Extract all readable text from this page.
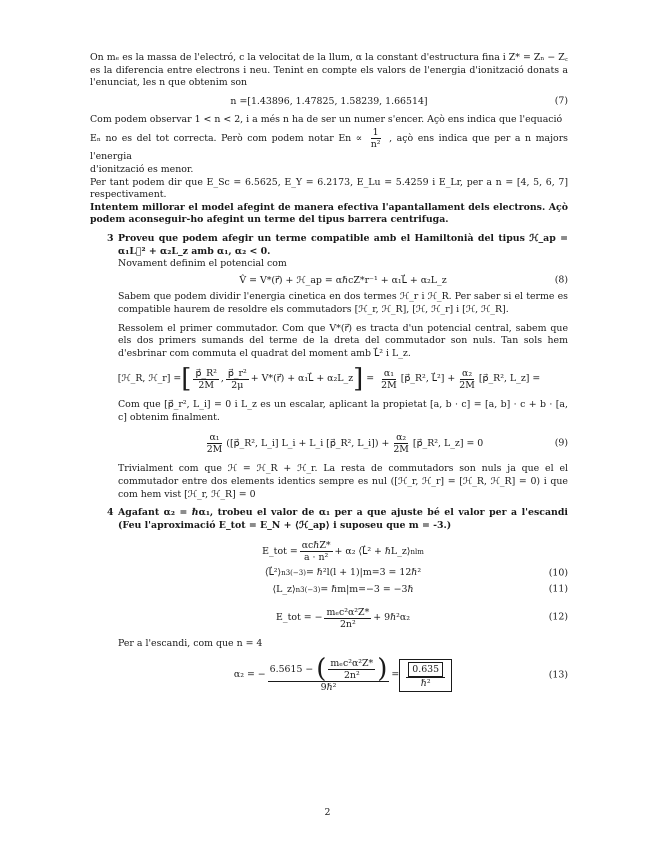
On mₑ es la massa de l'electró, c la velocitat de la llum, α la constant d'estructura fina i Z* = Zₙ − Z꜀ es la diferencia entre electrons i neu. Tenint en compte els valors de l'energia d'ionització donats a l'enunciat, les n que obtenim son

n = [1.43896, 1.47825, 1.58239, 1.66514]	(7)

Com podem observar 1 < n < 2, i a més n ha de ser un numer s'encer. Açò ens indica que l'equació

Eₙ no es del tot correcta. Però com podem notar $En \propto \frac{1}{\text{n²}}$ , açò ens indica que per a n majors l'energia

d'ionització es menor.

Per tant podem dir que E_Sc = 6.5625, E_Y = 6.2173, E_Lu = 5.4259 i E_Lr, per a n = [4, 5, 6, 7] respectivament.

Intentem millorar el model afegint de manera efectiva l'apantallament dels electrons. Açò podem aconseguir-ho afegint un terme del tipus barrera centrifuga.

3 Proveu que podem afegir un terme compatible amb el Hamiltonià del tipus ℋ_ap = α₁L⃗² + α₂L_z amb α₁, α₂ < 0.

Novament definim el potencial com

V̂ = V*(r⃗) + ℋ_ap = αℏcZ*r⁻¹ + α₁L⃗ + α₂L_z	(8)

Sabem que podem dividir l'energia cinetica en dos termes ℋ_r i ℋ_R. Per saber si el terme es compatible haurem de resoldre els commutadors [ℋ_r, ℋ_R], [ℋ, ℋ_r] i [ℋ, ℋ_R].

Ressolem el primer commutador. Com que V*(r⃗) es tracta d'un potencial central, sabem que els dos primers sumands del terme de la dreta del commutador son nuls. Tan sols hem d'esbrinar com commuta el quadrat del moment amb L⃗² i L_z.

[ℋ_R, ℋ_r] = [ $\frac{\text{p⃗\_R²}}{2M}$ , $\frac{\text{p⃗\_r²}}{2\mu}$ + V*(r⃗) + α₁L⃗ + α₂L_z ] = $\frac{\text{α₁}}{2M}$ [p⃗_R², L⃗²] + $\frac{\text{α₂}}{2M}$ [p⃗_R², L_z] =

Com que [p⃗_r², L_i] = 0 i L_z es un escalar, aplicant la propietat [a, b · c] = [a, b] · c + b · [a, c] obtenim finalment.

$\frac{\text{α₁}}{2M}$ ([p⃗_R², L_i] L_i + L_i [p⃗_R², L_i]) + $\frac{\text{α₂}}{2M}$ [p⃗_R², L_z] = 0	(9)

Trivialment com que ℋ = ℋ_R + ℋ_r. La resta de commutadors son nuls ja que el el commutador entre dos elements identics sempre es nul ([ℋ_r, ℋ_r] = [ℋ_R, ℋ_R] = 0) i que com hem vist [ℋ_r, ℋ_R] = 0

4 Agafant α₂ = ℏα₁, trobeu el valor de α₁ per a que ajuste bé el valor per a l'escandi (Feu l'aproximació E_tot = E_N + ⟨ℋ_ap⟩ i suposeu que m = -3.)

E_tot = $\frac{\text{αcℏZ*}}{\text{a · n²}} + \alpha_2$ ⟨L⃗² + ℏL_z⟩ nlm
⟨L⃗²⟩ n3(−3) = ℏ²l(l + 1)|m=3 = 12ℏ²	(10)
⟨L_z⟩ n3(−3) = ℏm|m=−3 = −3ℏ	(11)
E_tot = − $\frac{\text{mₑc²α²Z*}}{\text{2n²}}$ + 9ℏ²α₂	(12)

Per a l'escandi, com que n = 4

α₂ = − $\frac{6.5615 - ( \frac{\text{mₑc²α²Z*}}{\text{2n²}} )}{\text{9ℏ²}} = \frac{0.635}{\text{ℏ²}}$	(13)
2
